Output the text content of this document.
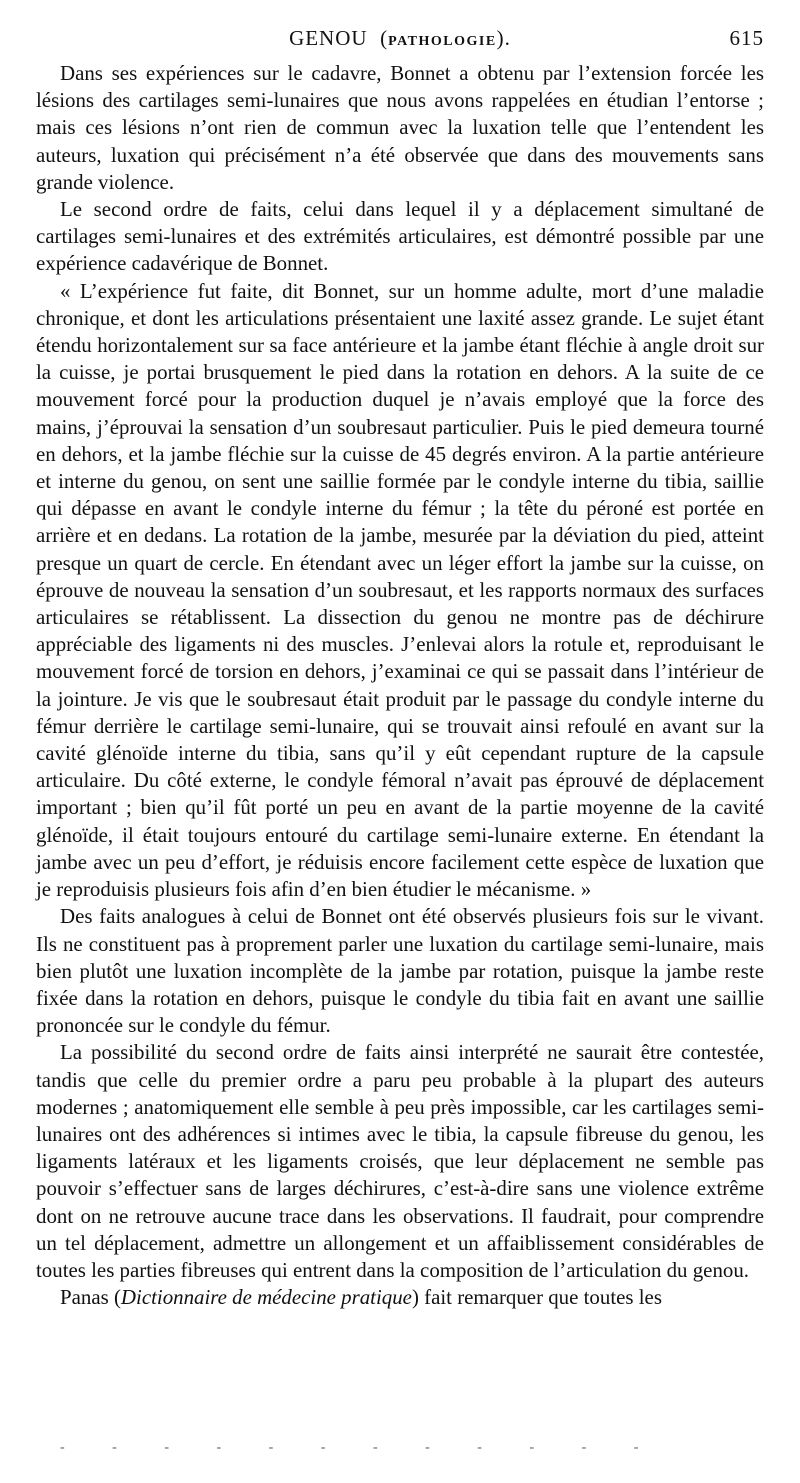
GENOU  (PATHOLOGIE).	615

Dans ses expériences sur le cadavre, Bonnet a obtenu par l’extension forcée les lésions des cartilages semi-lunaires que nous avons rappelées en étudian l’entorse ; mais ces lésions n’ont rien de commun avec la luxation telle que l’entendent les auteurs, luxation qui précisément n’a été observée que dans des mouvements sans grande violence.

Le second ordre de faits, celui dans lequel il y a déplacement simultané de cartilages semi-lunaires et des extrémités articulaires, est démontré possible par une expérience cadavérique de Bonnet.

« L’expérience fut faite, dit Bonnet, sur un homme adulte, mort d’une maladie chronique, et dont les articulations présentaient une laxité assez grande. Le sujet étant étendu horizontalement sur sa face antérieure et la jambe étant fléchie à angle droit sur la cuisse, je portai brusquement le pied dans la rotation en dehors. A la suite de ce mouvement forcé pour la production duquel je n’avais employé que la force des mains, j’éprouvai la sensation d’un soubresaut particulier. Puis le pied demeura tourné en dehors, et la jambe fléchie sur la cuisse de 45 degrés environ. A la partie antérieure et interne du genou, on sent une saillie formée par le condyle interne du tibia, saillie qui dépasse en avant le condyle interne du fémur ; la tête du péroné est portée en arrière et en dedans. La rotation de la jambe, mesurée par la déviation du pied, atteint presque un quart de cercle. En étendant avec un léger effort la jambe sur la cuisse, on éprouve de nouveau la sensation d’un soubresaut, et les rapports normaux des surfaces articulaires se rétablissent. La dissection du genou ne montre pas de déchirure appréciable des ligaments ni des muscles. J’enlevai alors la rotule et, reproduisant le mouvement forcé de torsion en dehors, j’examinai ce qui se passait dans l’intérieur de la jointure. Je vis que le soubresaut était produit par le passage du condyle interne du fémur derrière le cartilage semi-lunaire, qui se trouvait ainsi refoulé en avant sur la cavité glénoïde interne du tibia, sans qu’il y eût cependant rupture de la capsule articulaire. Du côté externe, le condyle fémoral n’avait pas éprouvé de déplacement important ; bien qu’il fût porté un peu en avant de la partie moyenne de la cavité glénoïde, il était toujours entouré du cartilage semi-lunaire externe. En étendant la jambe avec un peu d’effort, je réduisis encore facilement cette espèce de luxation que je reproduisis plusieurs fois afin d’en bien étudier le mécanisme. »

Des faits analogues à celui de Bonnet ont été observés plusieurs fois sur le vivant. Ils ne constituent pas à proprement parler une luxation du cartilage semi-lunaire, mais bien plutôt une luxation incomplète de la jambe par rotation, puisque la jambe reste fixée dans la rotation en dehors, puisque le condyle du tibia fait en avant une saillie prononcée sur le condyle du fémur.

La possibilité du second ordre de faits ainsi interprété ne saurait être contestée, tandis que celle du premier ordre a paru peu probable à la plupart des auteurs modernes ; anatomiquement elle semble à peu près impossible, car les cartilages semi-lunaires ont des adhérences si intimes avec le tibia, la capsule fibreuse du genou, les ligaments latéraux et les ligaments croisés, que leur déplacement ne semble pas pouvoir s’effectuer sans de larges déchirures, c’est-à-dire sans une violence extrême dont on ne retrouve aucune trace dans les observations. Il faudrait, pour comprendre un tel déplacement, admettre un allongement et un affaiblissement considérables de toutes les parties fibreuses qui entrent dans la composition de l’articulation du genou.

Panas (Dictionnaire de médecine pratique) fait remarquer que toutes les

- - - - - - - - - - - -
